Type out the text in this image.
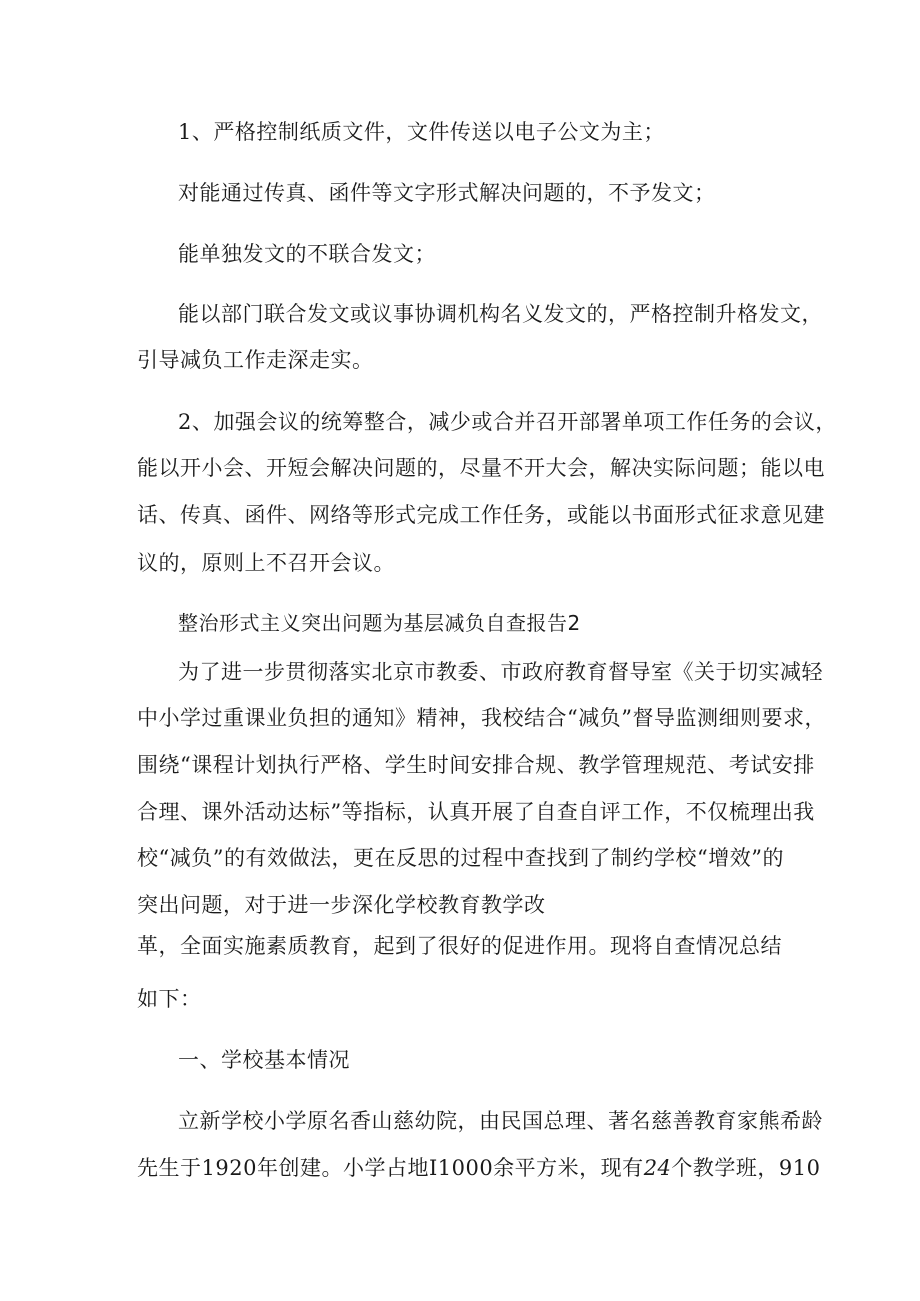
1、严格控制纸质文件，文件传送以电子公文为主；
对能通过传真、函件等文字形式解决问题的，不予发文；
能单独发文的不联合发文；
能以部门联合发文或议事协调机构名义发文的，严格控制升格发文，
引导减负工作走深走实。
2、加强会议的统筹整合，减少或合并召开部署单项工作任务的会议，
能以开小会、开短会解决问题的，尽量不开大会，解决实际问题；能以电
话、传真、函件、网络等形式完成工作任务，或能以书面形式征求意见建
议的，原则上不召开会议。
整治形式主义突出问题为基层减负自查报告2
为了进一步贯彻落实北京市教委、市政府教育督导室《关于切实减轻
中小学过重课业负担的通知》精神，我校结合“减负”督导监测细则要求，
围绕“课程计划执行严格、学生时间安排合规、教学管理规范、考试安排
合理、课外活动达标”等指标，认真开展了自查自评工作，不仅梳理出我
校“减负”的有效做法，更在反思的过程中查找到了制约学校“增效”的
突出问题，对于进一步深化学校教育教学改
革，全面实施素质教育，起到了很好的促进作用。现将自查情况总结
如下：
一、学校基本情况
立新学校小学原名香山慈幼院，由民国总理、著名慈善教育家熊希龄
先生于1920年创建。小学占地I1000余平方米，现有24个教学班，910
